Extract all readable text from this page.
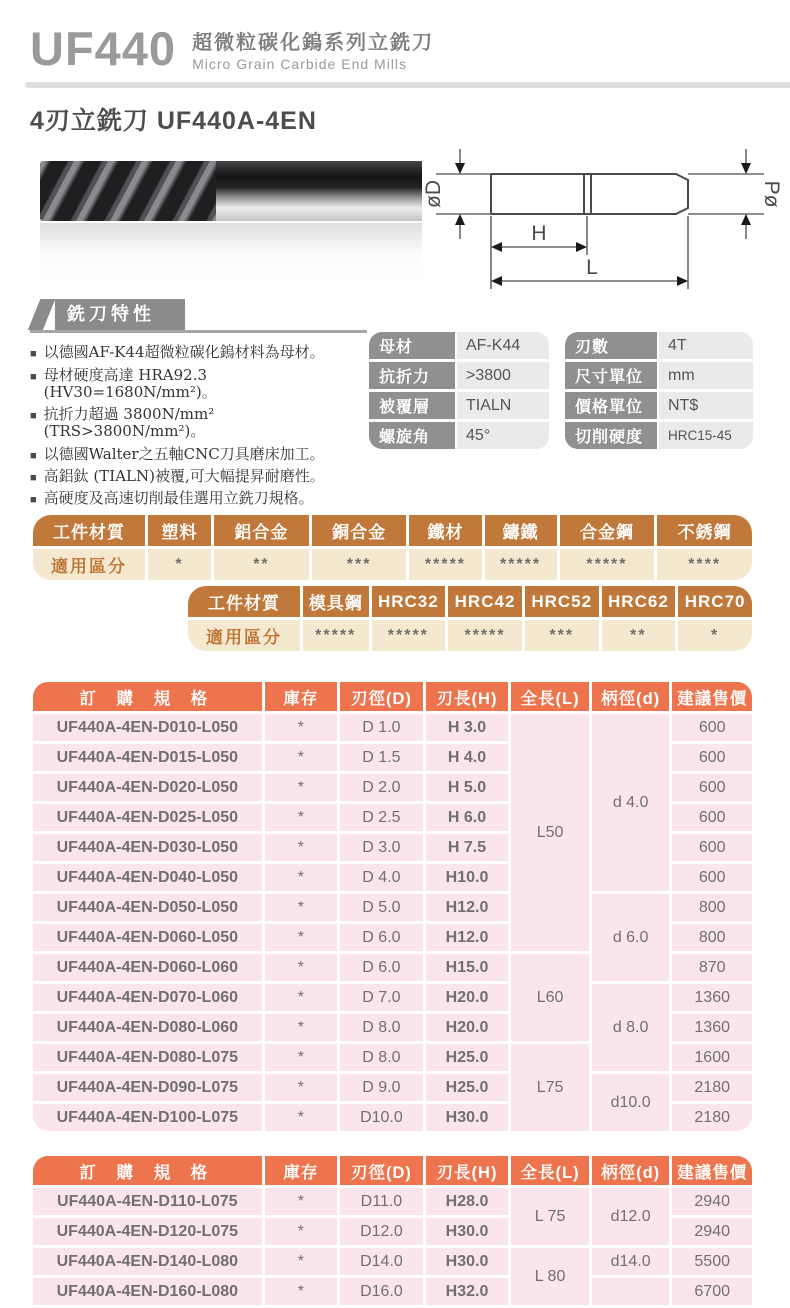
UF440 超微粒碳化鎢系列立銑刀
Micro Grain Carbide End Mills
4刃立銑刀 UF440A-4EN
øD	Pø
H
L
銑刀特性
■ 以德國AF-K44超微粒碳化鎢材料為母材。
■ 母材硬度高達 HRA92.3 (HV30=1680N/mm²)。
■ 抗折力超過 3800N/mm² (TRS>3800N/mm²)。
■ 以德國Walter之五軸CNC刀具磨床加工。
■ 高鋁鈦 (TIALN)被覆,可大幅提昇耐磨性。
■ 高硬度及高速切削最佳選用立銑刀規格。
母材	AF-K44
抗折力	>3800
被覆層	TIALN
螺旋角	45°
刃數	4T
尺寸單位	mm
價格單位	NT$
切削硬度	HRC15-45
工件材質	塑料	鋁合金	銅合金	鐵材	鑄鐵	合金鋼	不銹鋼
適用區分	*	**	***	*****	*****	*****	****
工件材質	模具鋼	HRC32	HRC42	HRC52	HRC62	HRC70
適用區分	*****	*****	*****	***	**	*
訂 購 規 格	庫存	刃徑(D)	刃長(H)	全長(L)	柄徑(d)	建議售價
UF440A-4EN-D010-L050	*	D 1.0	H 3.0	L50	d 4.0	600
UF440A-4EN-D015-L050	*	D 1.5	H 4.0			600
UF440A-4EN-D020-L050	*	D 2.0	H 5.0			600
UF440A-4EN-D025-L050	*	D 2.5	H 6.0			600
UF440A-4EN-D030-L050	*	D 3.0	H 7.5			600
UF440A-4EN-D040-L050	*	D 4.0	H10.0			600
UF440A-4EN-D050-L050	*	D 5.0	H12.0		d 6.0	800
UF440A-4EN-D060-L050	*	D 6.0	H12.0			800
UF440A-4EN-D060-L060	*	D 6.0	H15.0	L60		870
UF440A-4EN-D070-L060	*	D 7.0	H20.0		d 8.0	1360
UF440A-4EN-D080-L060	*	D 8.0	H20.0			1360
UF440A-4EN-D080-L075	*	D 8.0	H25.0	L75		1600
UF440A-4EN-D090-L075	*	D 9.0	H25.0		d10.0	2180
UF440A-4EN-D100-L075	*	D10.0	H30.0			2180
訂 購 規 格	庫存	刃徑(D)	刃長(H)	全長(L)	柄徑(d)	建議售價
UF440A-4EN-D110-L075	*	D11.0	H28.0	L 75	d12.0	2940
UF440A-4EN-D120-L075	*	D12.0	H30.0			2940
UF440A-4EN-D140-L080	*	D14.0	H30.0	L 80	d14.0	5500
UF440A-4EN-D160-L080	*	D16.0	H32.0			6700
